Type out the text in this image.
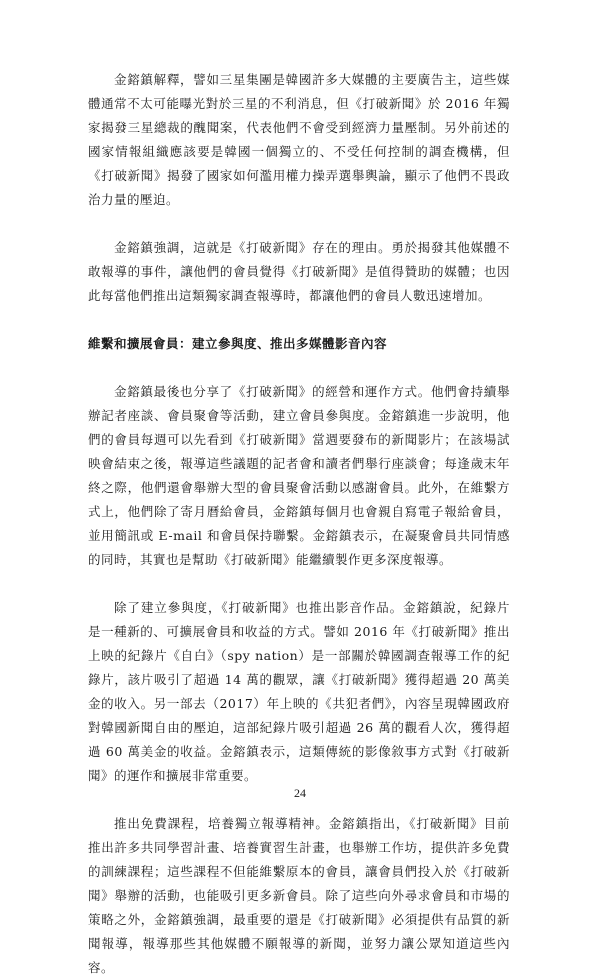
金鎔鎮解釋，譬如三星集團是韓國許多大媒體的主要廣告主，這些媒體通常不太可能曝光對於三星的不利消息，但《打破新聞》於 2016 年獨家揭發三星總裁的醜聞案，代表他們不會受到經濟力量壓制。另外前述的國家情報組織應該要是韓國一個獨立的、不受任何控制的調查機構，但《打破新聞》揭發了國家如何濫用權力操弄選舉輿論，顯示了他們不畏政治力量的壓迫。

金鎔鎮強調，這就是《打破新聞》存在的理由。勇於揭發其他媒體不敢報導的事件，讓他們的會員覺得《打破新聞》是值得贊助的媒體；也因此每當他們推出這類獨家調查報導時，都讓他們的會員人數迅速增加。

維繫和擴展會員：建立參與度、推出多媒體影音內容

金鎔鎮最後也分享了《打破新聞》的經營和運作方式。他們會持續舉辦記者座談、會員聚會等活動，建立會員參與度。金鎔鎮進一步說明，他們的會員每週可以先看到《打破新聞》當週要發布的新聞影片；在該場試映會結束之後，報導這些議題的記者會和讀者們舉行座談會；每逢歲末年終之際，他們還會舉辦大型的會員聚會活動以感謝會員。此外，在維繫方式上，他們除了寄月曆給會員，金鎔鎮每個月也會親自寫電子報給會員，並用簡訊或 E-mail 和會員保持聯繫。金鎔鎮表示，在凝聚會員共同情感的同時，其實也是幫助《打破新聞》能繼續製作更多深度報導。

除了建立參與度，《打破新聞》也推出影音作品。金鎔鎮說，紀錄片是一種新的、可擴展會員和收益的方式。譬如 2016 年《打破新聞》推出上映的紀錄片《自白》（spy nation）是一部關於韓國調查報導工作的紀錄片，該片吸引了超過 14 萬的觀眾，讓《打破新聞》獲得超過 20 萬美金的收入。另一部去（2017）年上映的《共犯者們》，內容呈現韓國政府對韓國新聞自由的壓迫，這部紀錄片吸引超過 26 萬的觀看人次，獲得超過 60 萬美金的收益。金鎔鎮表示，這類傳統的影像敘事方式對《打破新聞》的運作和擴展非常重要。

推出免費課程，培養獨立報導精神。金鎔鎮指出，《打破新聞》目前推出許多共同學習計畫、培養實習生計畫，也舉辦工作坊，提供許多免費的訓練課程；這些課程不但能維繫原本的會員，讓會員們投入於《打破新聞》舉辦的活動，也能吸引更多新會員。除了這些向外尋求會員和市場的策略之外，金鎔鎮強調，最重要的還是《打破新聞》必須提供有品質的新聞報導，報導那些其他媒體不願報導的新聞，並努力讓公眾知道這些內容。

24
